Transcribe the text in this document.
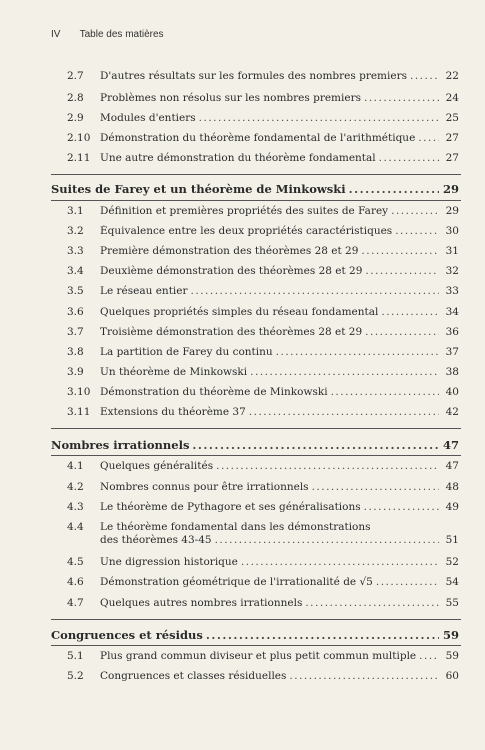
IV Table des matières
2.7 D'autres résultats sur les formules des nombres premiers .....	22
2.8 Problèmes non résolus sur les nombres premiers .....	24
2.9 Modules d'entiers .....	25
2.10 Démonstration du théorème fondamental de l'arithmétique .....	27
2.11 Une autre démonstration du théorème fondamental .....	27
Suites de Farey et un théorème de Minkowski .....	29
3.1 Définition et premières propriétés des suites de Farey .....	29
3.2 Équivalence entre les deux propriétés caractéristiques .....	30
3.3 Première démonstration des théorèmes 28 et 29 .....	31
3.4 Deuxième démonstration des théorèmes 28 et 29 .....	32
3.5 Le réseau entier .....	33
3.6 Quelques propriétés simples du réseau fondamental .....	34
3.7 Troisième démonstration des théorèmes 28 et 29 .....	36
3.8 La partition de Farey du continu .....	37
3.9 Un théorème de Minkowski .....	38
3.10 Démonstration du théorème de Minkowski .....	40
3.11 Extensions du théorème 37 .....	42
Nombres irrationnels .....	47
4.1 Quelques généralités .....	47
4.2 Nombres connus pour être irrationnels .....	48
4.3 Le théorème de Pythagore et ses généralisations .....	49
4.4 Le théorème fondamental dans les démonstrations
des théorèmes 43-45 .....	51
4.5 Une digression historique .....	52
4.6 Démonstration géométrique de l'irrationalité de √5 .....	54
4.7 Quelques autres nombres irrationnels .....	55
Congruences et résidus .....	59
5.1 Plus grand commun diviseur et plus petit commun multiple .....	59
5.2 Congruences et classes résiduelles .....	60
